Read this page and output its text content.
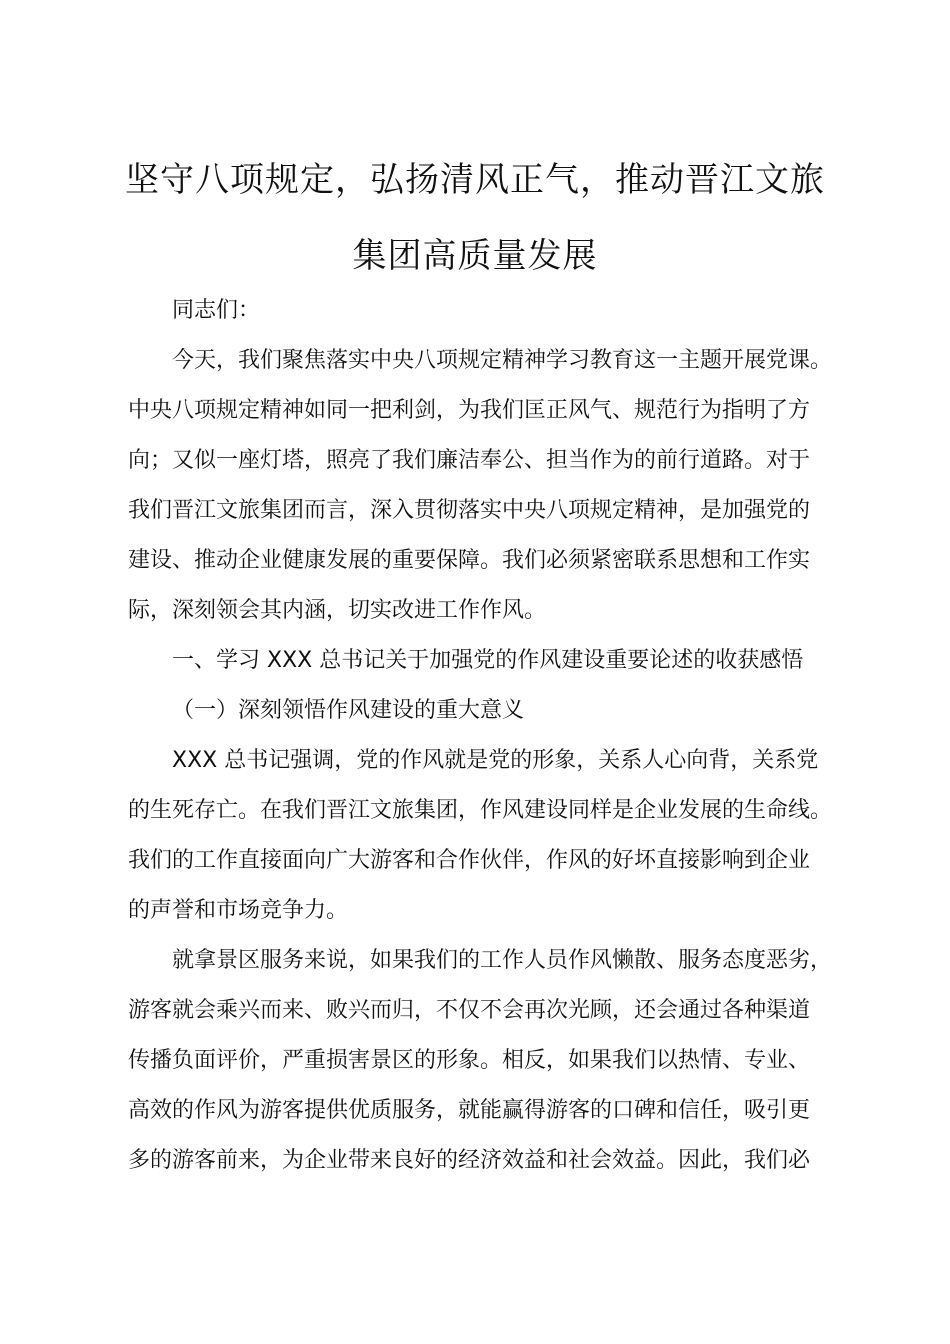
坚守八项规定，弘扬清风正气，推动晋江文旅
集团高质量发展

同志们：

今天，我们聚焦落实中央八项规定精神学习教育这一主题开展党课。

中央八项规定精神如同一把利剑，为我们匡正风气、规范行为指明了方

向；又似一座灯塔，照亮了我们廉洁奉公、担当作为的前行道路。对于

我们晋江文旅集团而言，深入贯彻落实中央八项规定精神，是加强党的

建设、推动企业健康发展的重要保障。我们必须紧密联系思想和工作实

际，深刻领会其内涵，切实改进工作作风。

一、学习 XXX 总书记关于加强党的作风建设重要论述的收获感悟

（一）深刻领悟作风建设的重大意义

XXX 总书记强调，党的作风就是党的形象，关系人心向背，关系党

的生死存亡。在我们晋江文旅集团，作风建设同样是企业发展的生命线。

我们的工作直接面向广大游客和合作伙伴，作风的好坏直接影响到企业

的声誉和市场竞争力。

就拿景区服务来说，如果我们的工作人员作风懒散、服务态度恶劣，

游客就会乘兴而来、败兴而归，不仅不会再次光顾，还会通过各种渠道

传播负面评价，严重损害景区的形象。相反，如果我们以热情、专业、

高效的作风为游客提供优质服务，就能赢得游客的口碑和信任，吸引更

多的游客前来，为企业带来良好的经济效益和社会效益。因此，我们必
